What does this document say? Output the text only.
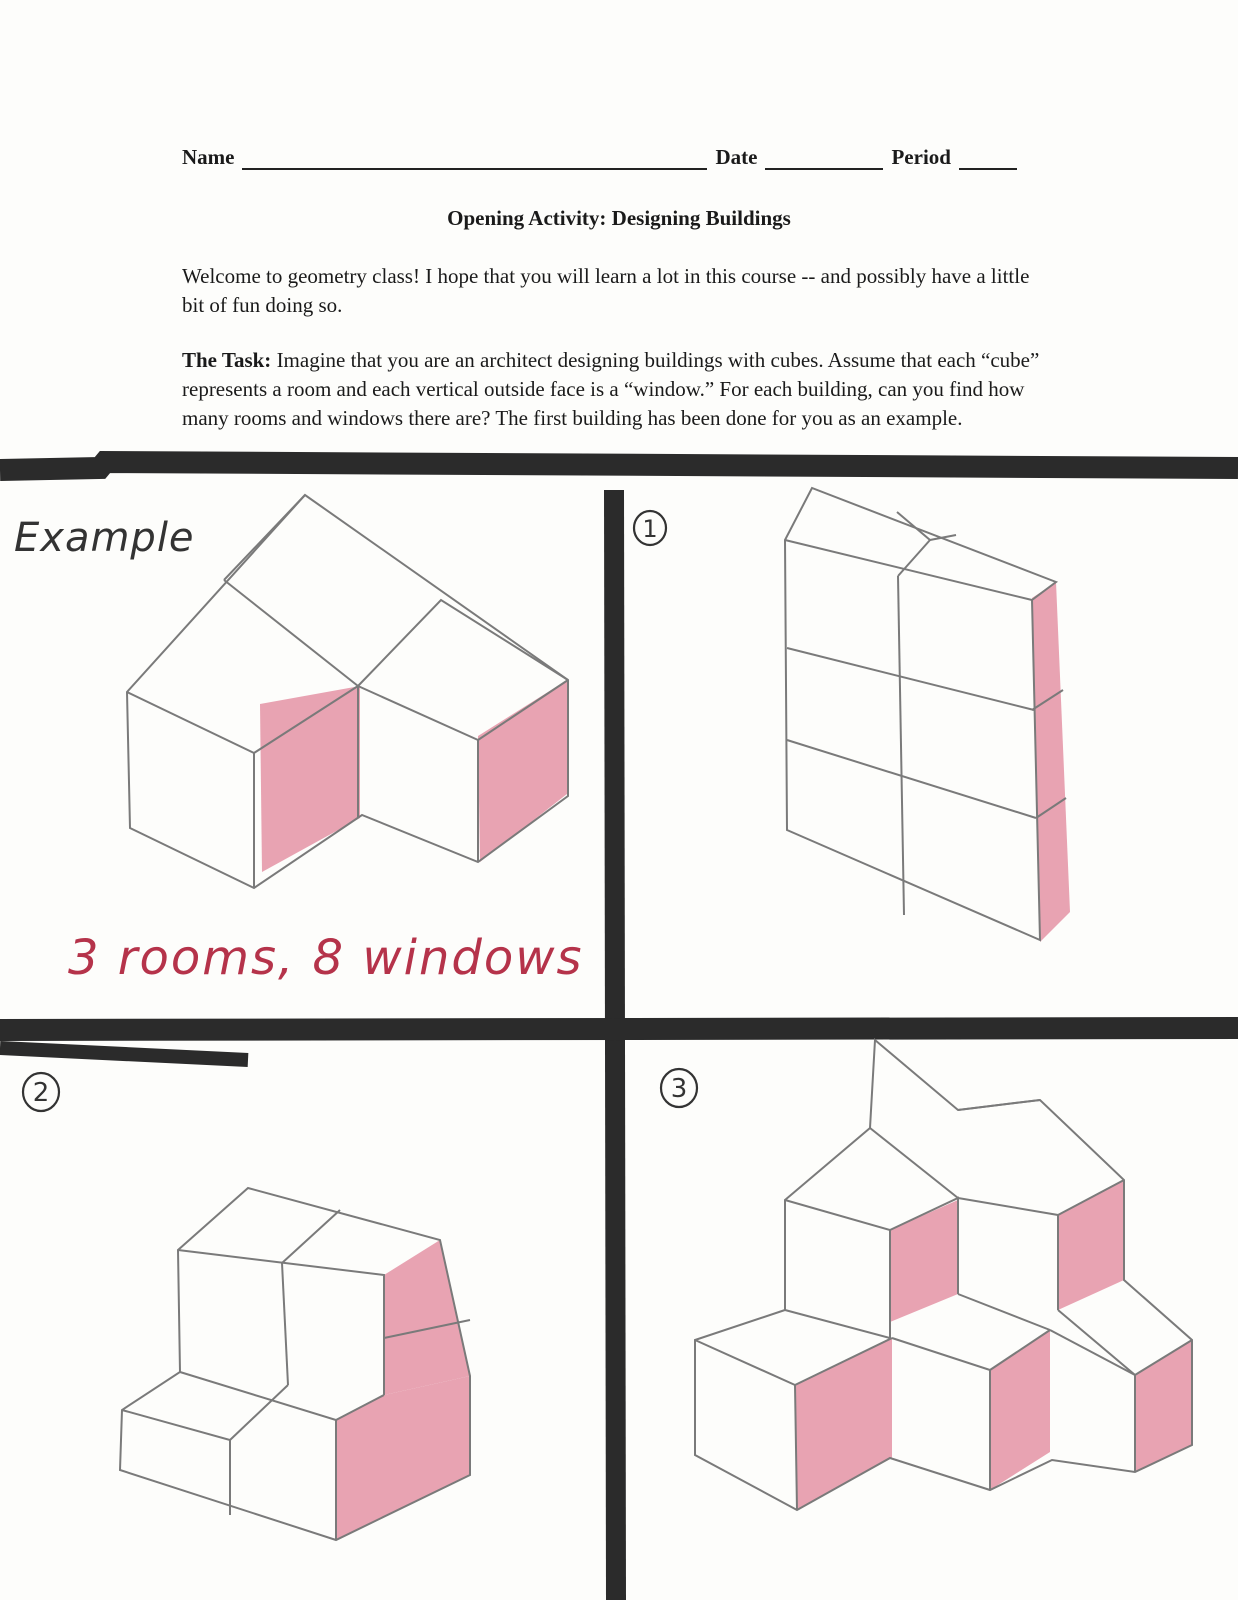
Name	Date	Period
Opening Activity: Designing Buildings
Welcome to geometry class! I hope that you will learn a lot in this course -- and possibly have a little bit of fun doing so.
The Task: Imagine that you are an architect designing buildings with cubes. Assume that each “cube” represents a room and each vertical outside face is a “window.” For each building, can you find how many rooms and windows there are? The first building has been done for you as an example.
1
2	3
Example
3 rooms, 8 windows
